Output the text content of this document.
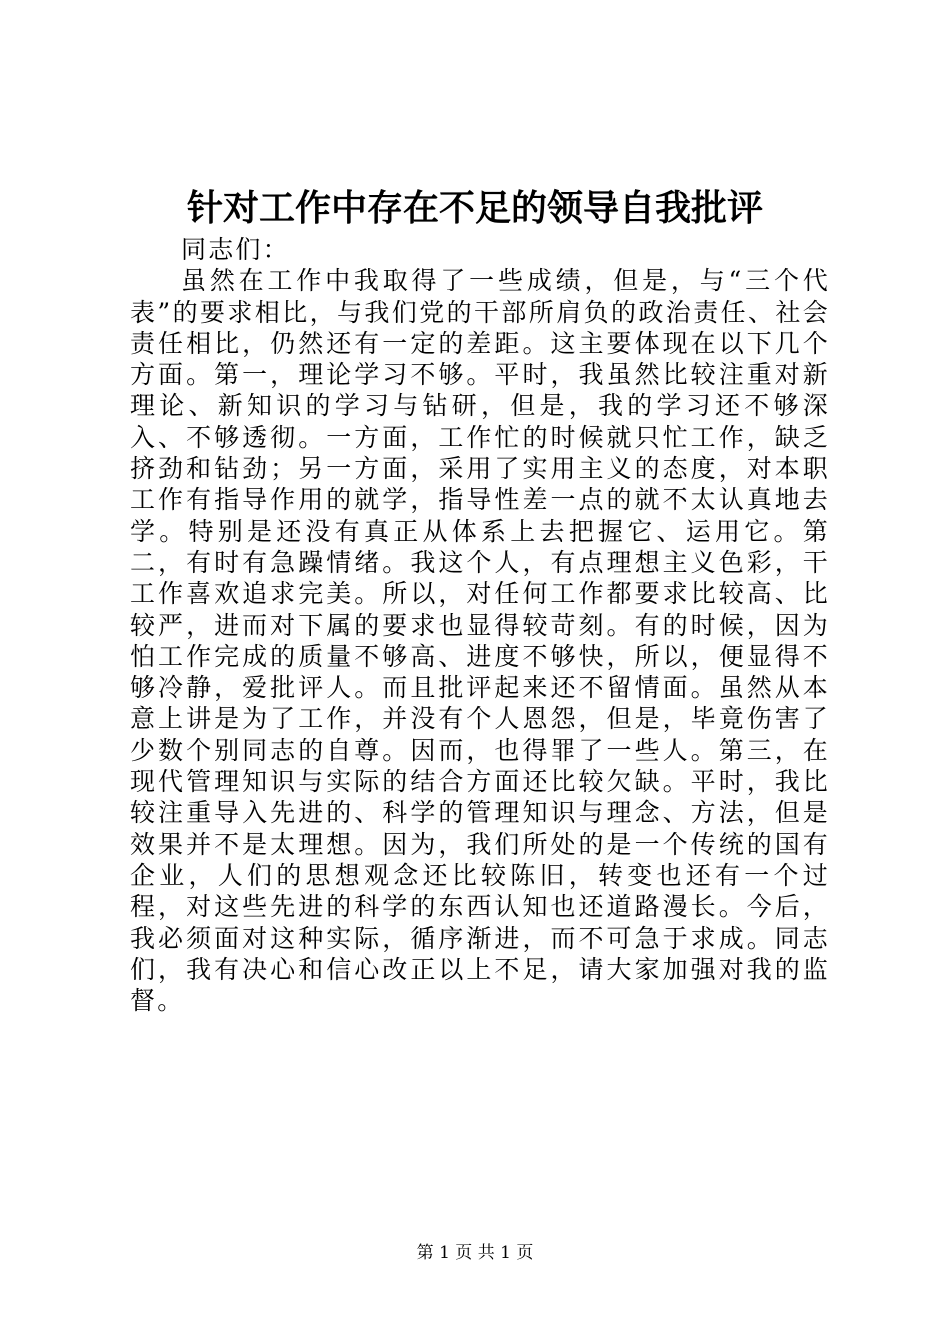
针对工作中存在不足的领导自我批评

同志们：

虽然在工作中我取得了一些成绩，但是，与“三个代表”的要求相比，与我们党的干部所肩负的政治责任、社会责任相比，仍然还有一定的差距。这主要体现在以下几个方面。第一，理论学习不够。平时，我虽然比较注重对新理论、新知识的学习与钻研，但是，我的学习还不够深入、不够透彻。一方面，工作忙的时候就只忙工作，缺乏挤劲和钻劲；另一方面，采用了实用主义的态度，对本职工作有指导作用的就学，指导性差一点的就不太认真地去学。特别是还没有真正从体系上去把握它、运用它。第二，有时有急躁情绪。我这个人，有点理想主义色彩，干工作喜欢追求完美。所以，对任何工作都要求比较高、比较严，进而对下属的要求也显得较苛刻。有的时候，因为怕工作完成的质量不够高、进度不够快，所以，便显得不够冷静，爱批评人。而且批评起来还不留情面。虽然从本意上讲是为了工作，并没有个人恩怨，但是，毕竟伤害了少数个别同志的自尊。因而，也得罪了一些人。第三，在现代管理知识与实际的结合方面还比较欠缺。平时，我比较注重导入先进的、科学的管理知识与理念、方法，但是效果并不是太理想。因为，我们所处的是一个传统的国有企业，人们的思想观念还比较陈旧，转变也还有一个过程，对这些先进的科学的东西认知也还道路漫长。今后，我必须面对这种实际，循序渐进，而不可急于求成。同志们，我有决心和信心改正以上不足，请大家加强对我的监督。

第 1 页 共 1 页
